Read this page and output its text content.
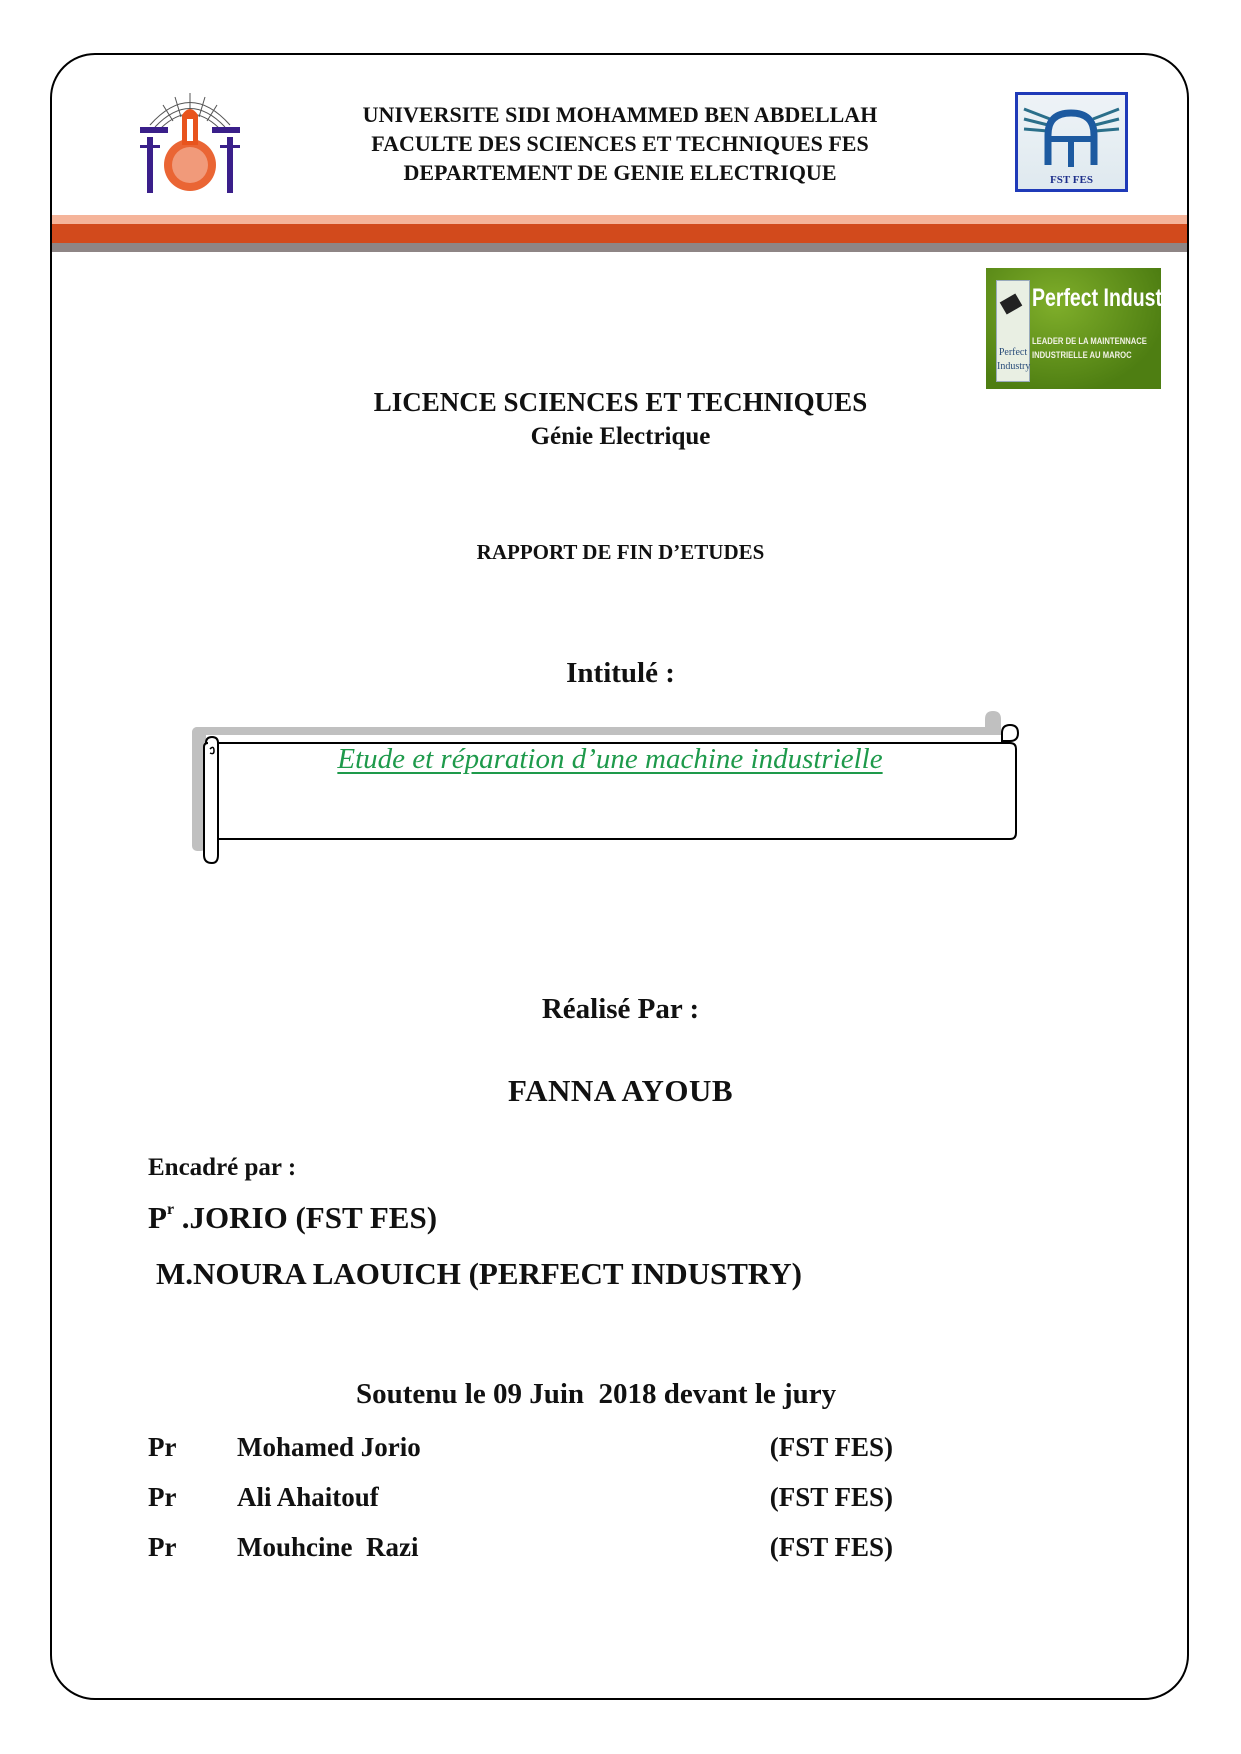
UNIVERSITE SIDI MOHAMMED BEN ABDELLAH
FACULTE DES SCIENCES ET TECHNIQUES FES
DEPARTEMENT DE GENIE ELECTRIQUE	FST FES
Perfect
Industry
Perfect Industry
LEADER DE LA MAINTENNACE
INDUSTRIELLE AU MAROC
LICENCE SCIENCES ET TECHNIQUES
Génie Electrique
RAPPORT DE FIN D’ETUDES
Intitulé :
Etude et réparation d’une machine industrielle
Réalisé Par :
FANNA AYOUB
Encadré par :
$P^r$ .JORIO (FST FES)
M.NOURA LAOUICH (PERFECT INDUSTRY)
Soutenu le 09 Juin  2018 devant le jury
Pr Mohamed Jorio	(FST FES)
Pr Ali Ahaitouf	(FST FES)
Pr Mouhcine  Razi	(FST FES)
